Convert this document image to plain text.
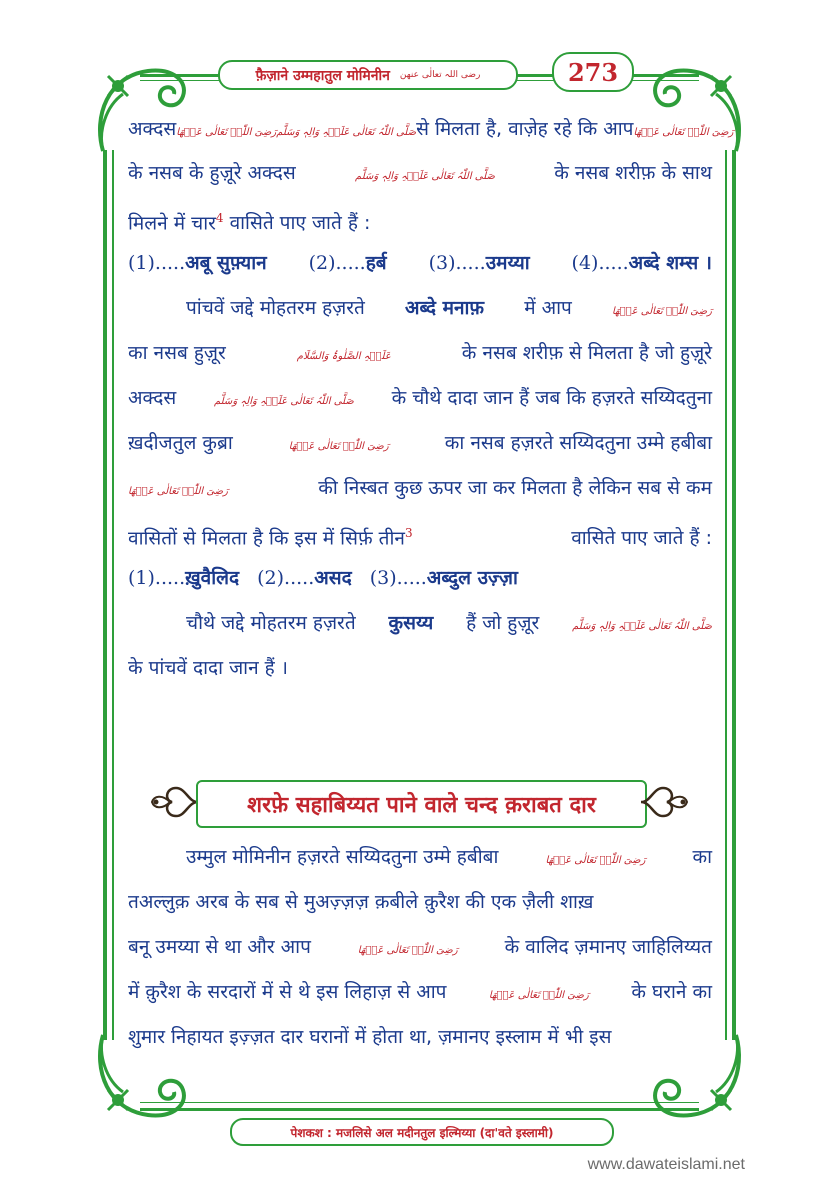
फ़ैज़ाने उम्महातुल मोमिनीन رضی اللہ تعالٰی عنھن	273
अक्दस رَضِیَ اللّٰہُ تَعَالٰی عَنۡھَا صَلَّی اللّٰہُ تَعَالٰی عَلَیۡہِ وَالِہٖ وَسَلَّم से मिलता है, वाज़ेह रहे कि आप رَضِیَ اللّٰہُ تَعَالٰی عَنۡھَا
के नसब के हुज़ूरे अक्दस	صَلَّی اللّٰہُ تَعَالٰی عَلَیۡہِ وَالِہٖ وَسَلَّم	के नसब शरीफ़ के साथ
मिलने में चार$^4$ वासिते पाए जाते हैं :
(1).....अबू सुफ़्यान (2).....हर्ब (3).....उमय्या (4).....अब्दे शम्स ।
पांचवें जद्दे मोहतरम हज़रते अब्दे मनाफ़ में आप	رَضِیَ اللّٰہُ تَعَالٰی عَنۡھَا
का नसब हुज़ूर	عَلَیۡہِ الصَّلٰوۃُ وَالسَّلَام	के नसब शरीफ़ से मिलता है जो हुज़ूरे
अक्दस	صَلَّی اللّٰہُ تَعَالٰی عَلَیۡہِ وَالِہٖ وَسَلَّم के चौथे दादा जान हैं जब कि हज़रते सय्यिदतुना
ख़दीजतुल कुब्रा	رَضِیَ اللّٰہُ تَعَالٰی عَنۡھَا	का नसब हज़रते सय्यिदतुना उम्मे हबीबा
رَضِیَ اللّٰہُ تَعَالٰی عَنۡھَا	की निस्बत कुछ ऊपर जा कर मिलता है लेकिन सब से कम
वासितों से मिलता है कि इस में सिर्फ़ तीन$^3$	वासिते पाए जाते हैं :
(1).....ख़ुवैलिद (2).....असद (3).....अब्दुल उज़्ज़ा
चौथे जद्दे मोहतरम हज़रते कुसय्य हैं जो हुज़ूर	صَلَّی اللّٰہُ تَعَالٰی عَلَیۡہِ وَالِہٖ وَسَلَّم
के पांचवें दादा जान हैं ।
शरफ़े सहाबिय्यत पाने वाले चन्द क़राबत दार
उम्मुल मोमिनीन हज़रते सय्यिदतुना उम्मे हबीबा	رَضِیَ اللّٰہُ تَعَالٰی عَنۡھَا का
तअल्लुक़ अरब के सब से मुअज़्ज़ज़ क़बीले क़ुरैश की एक ज़ैली शाख़
बनू उमय्या से था और आप	رَضِیَ اللّٰہُ تَعَالٰی عَنۡھَا के वालिद ज़मानए जाहिलिय्यत
में क़ुरैश के सरदारों में से थे इस लिहाज़ से आप	رَضِیَ اللّٰہُ تَعَالٰی عَنۡھَا के घराने का
शुमार निहायत इज़्ज़त दार घरानों में होता था, ज़मानए इस्लाम में भी इस
पेशकश : मजलिसे अल मदीनतुल इल्मिय्या (दा'वते इस्लामी)
www.dawateislami.net
